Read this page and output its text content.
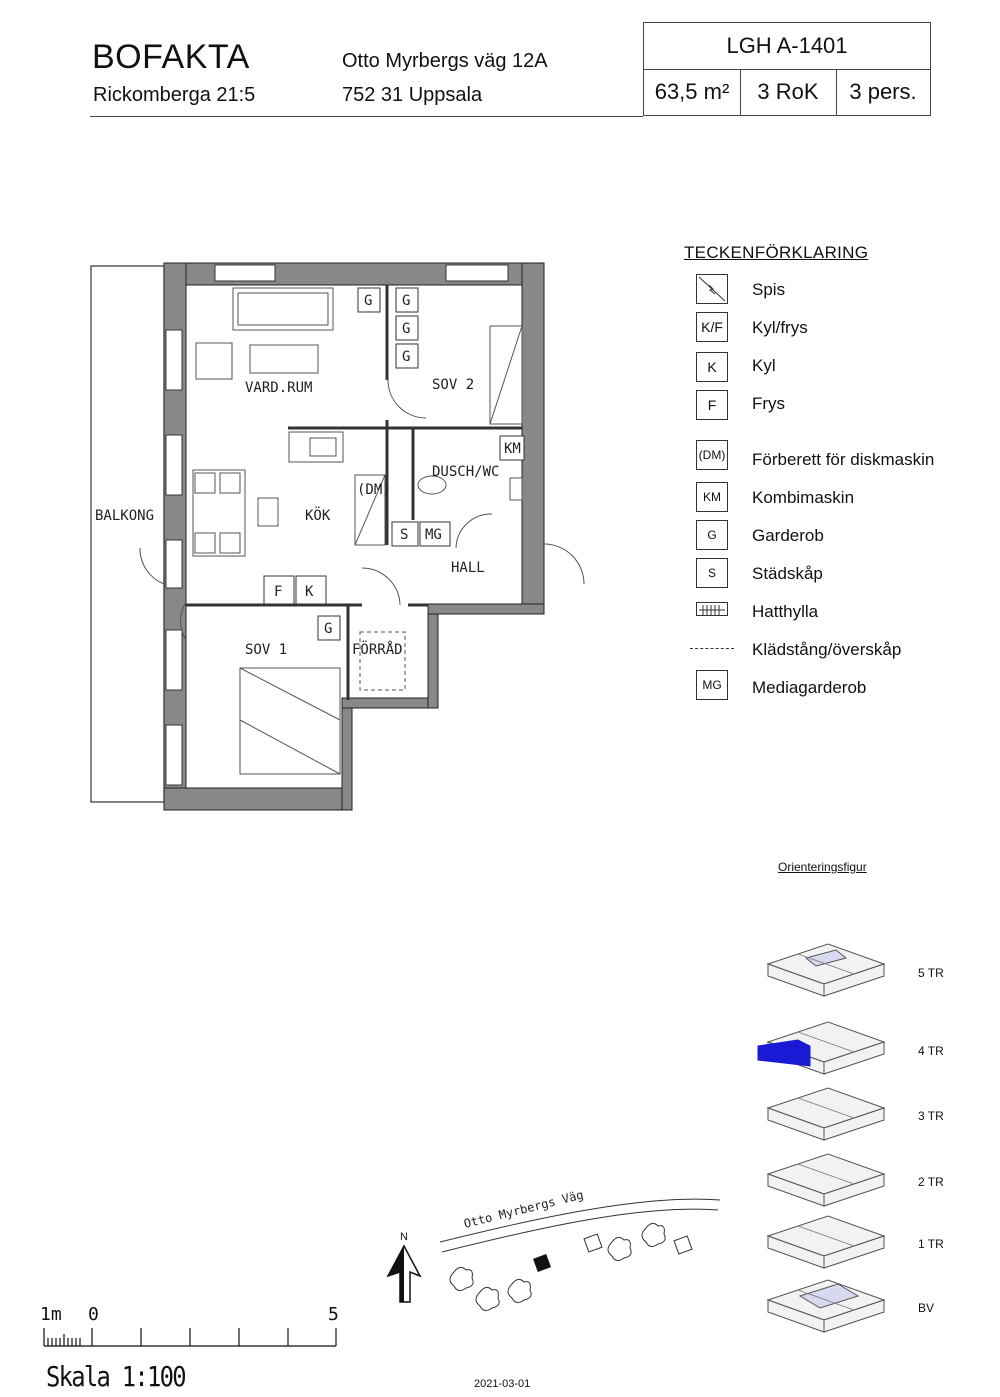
BOFAKTA
Rickomberga 21:5
Otto Myrbergs väg 12A
752 31 Uppsala
LGH A-1401
63,5 m²	3 RoK	3 pers.
G G
G
G
KM
S MG
F K
G
(DM)
VARD.RUM	SOV 2
DUSCH/WC
KÖK
BALKONG
HALL
SOV 1	FÖRRÅD
TECKENFÖRKLARING
Spis
K/F	Kyl/frys
K	Kyl
F	Frys
(DM) Förberett för diskmaskin
KM	Kombimaskin
G	Garderob
S	Städskåp
Hatthylla
Klädstång/överskåp
MG	Mediagarderob
Orienteringsfigur
5 TR
4 TR
3 TR
2 TR
1 TR
BV
Otto Myrbergs Väg
N
1m 0	5
Skala 1:100	2021-03-01
